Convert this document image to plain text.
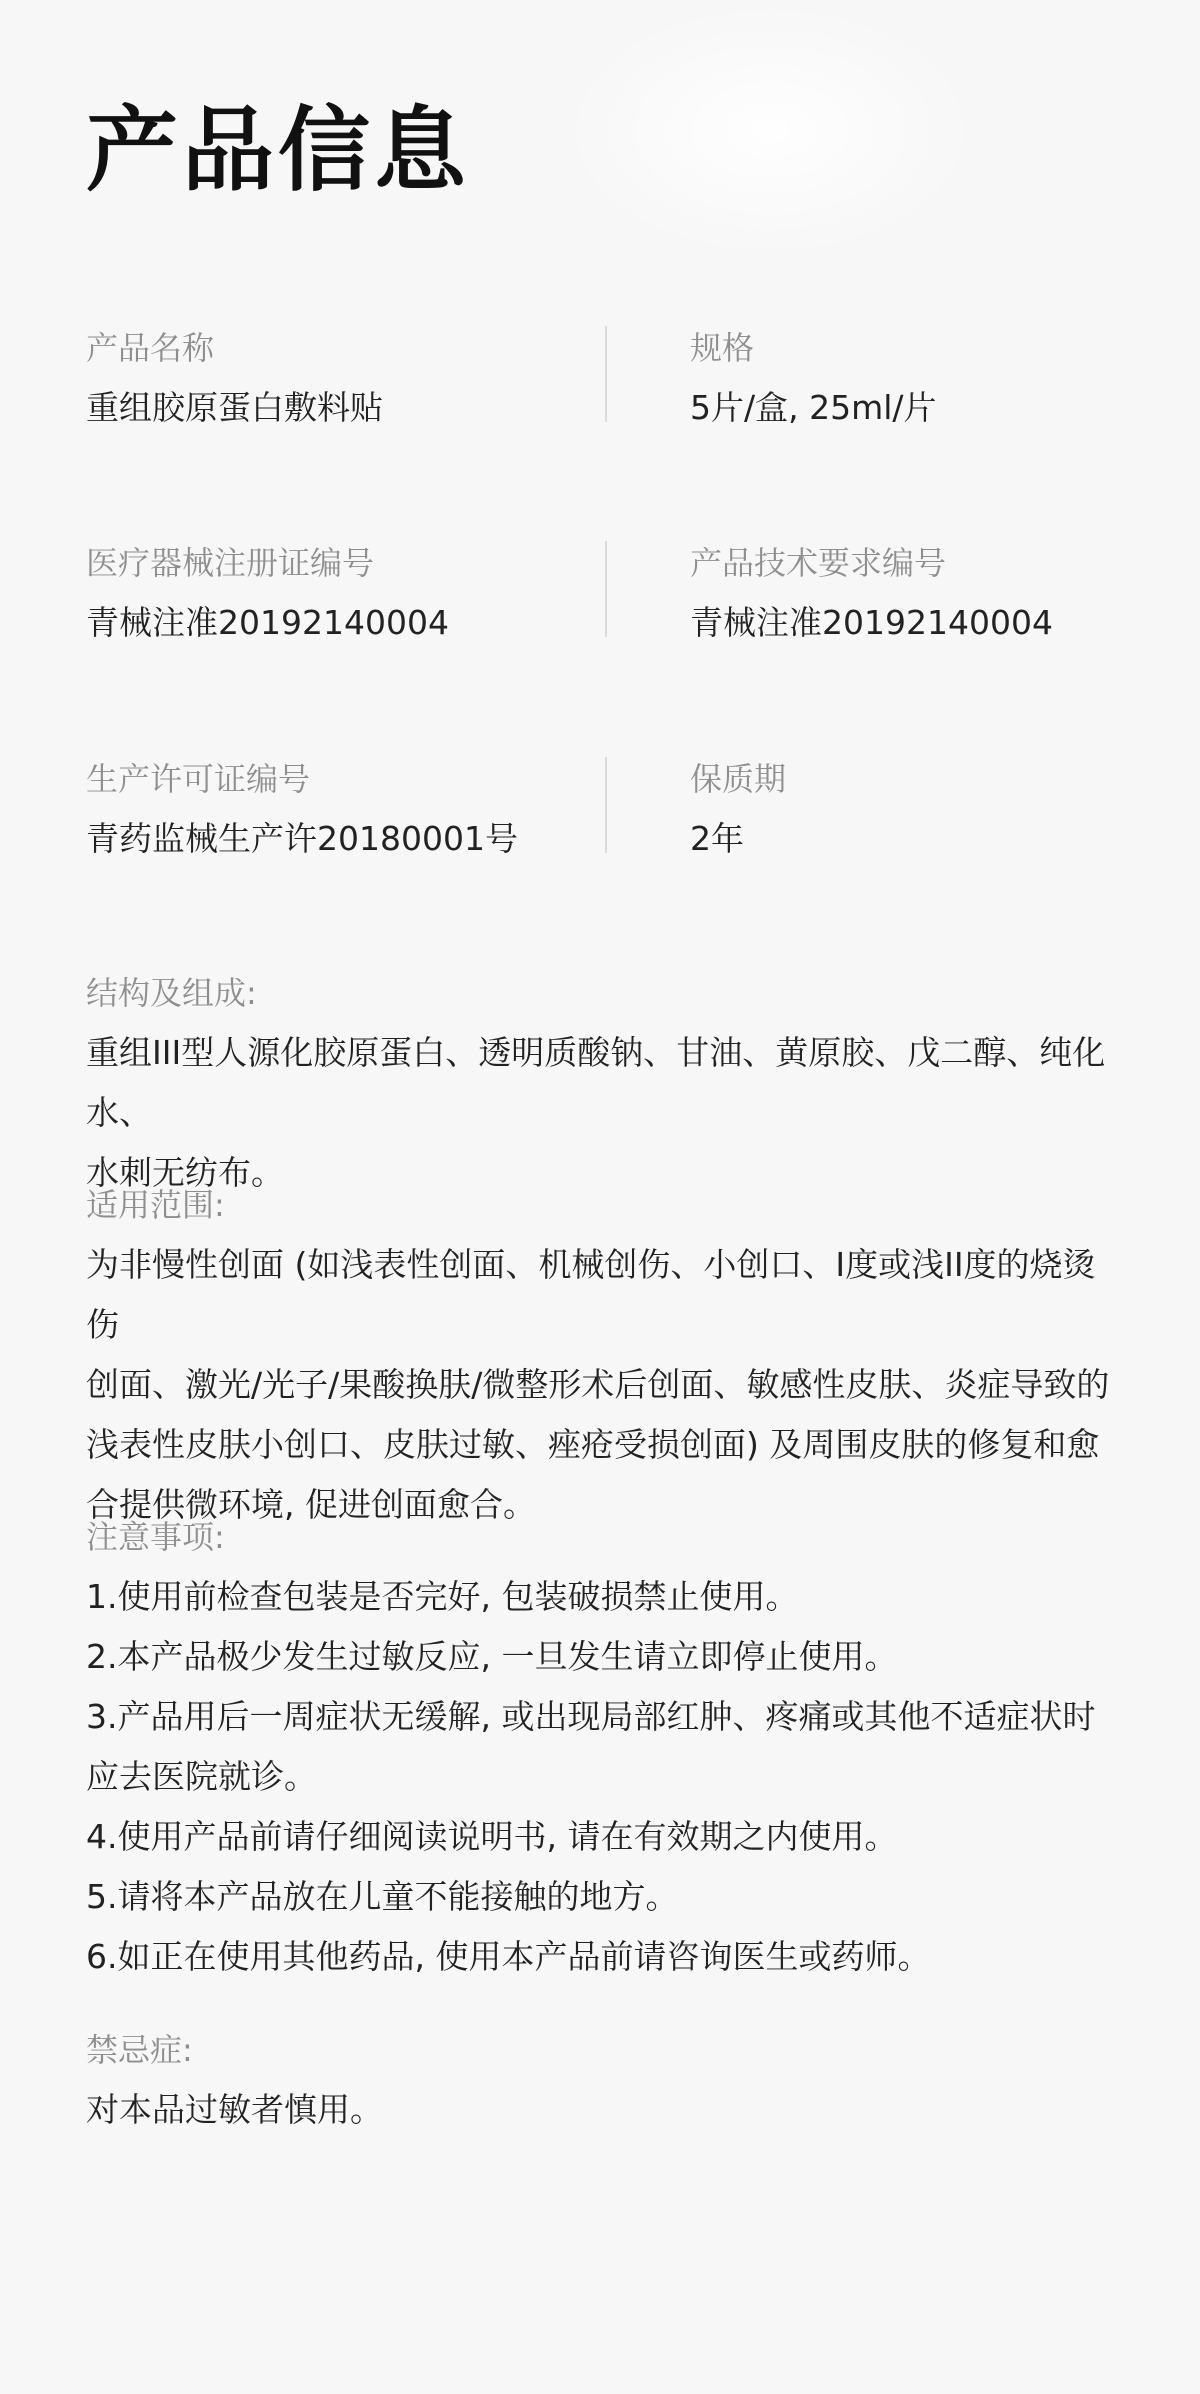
产品信息
产品名称
重组胶原蛋白敷料贴
规格
5片/盒, 25ml/片
医疗器械注册证编号
青械注准20192140004
产品技术要求编号
青械注准20192140004
生产许可证编号
青药监械生产许20180001号
保质期
2年
结构及组成:
重组III型人源化胶原蛋白、透明质酸钠、甘油、黄原胶、戊二醇、纯化水、
水刺无纺布。
适用范围:
为非慢性创面 (如浅表性创面、机械创伤、小创口、I度或浅II度的烧烫伤
创面、激光/光子/果酸换肤/微整形术后创面、敏感性皮肤、炎症导致的
浅表性皮肤小创口、皮肤过敏、痤疮受损创面) 及周围皮肤的修复和愈
合提供微环境, 促进创面愈合。
注意事项:
1.使用前检查包装是否完好, 包装破损禁止使用。
2.本产品极少发生过敏反应, 一旦发生请立即停止使用。
3.产品用后一周症状无缓解, 或出现局部红肿、疼痛或其他不适症状时
应去医院就诊。
4.使用产品前请仔细阅读说明书, 请在有效期之内使用。
5.请将本产品放在儿童不能接触的地方。
6.如正在使用其他药品, 使用本产品前请咨询医生或药师。
禁忌症:
对本品过敏者慎用。
